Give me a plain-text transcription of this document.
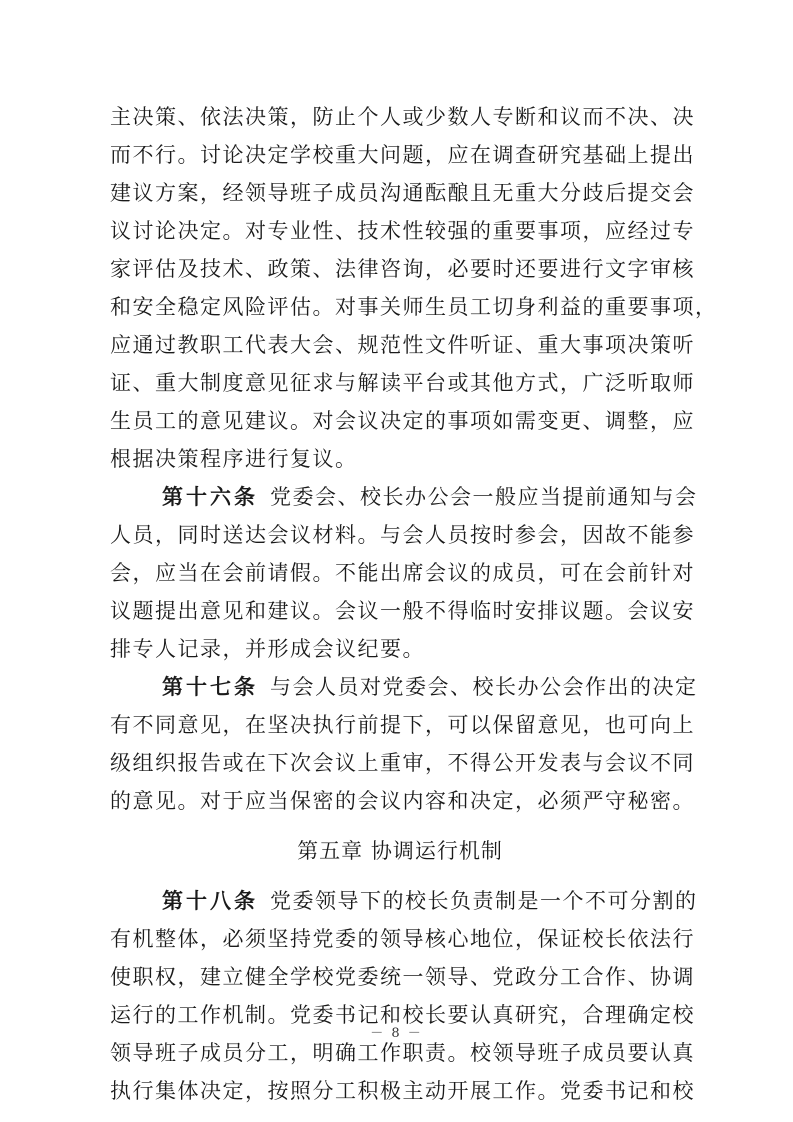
主决策、依法决策，防止个人或少数人专断和议而不决、决
而不行。讨论决定学校重大问题，应在调查研究基础上提出
建议方案，经领导班子成员沟通酝酿且无重大分歧后提交会
议讨论决定。对专业性、技术性较强的重要事项，应经过专
家评估及技术、政策、法律咨询，必要时还要进行文字审核
和安全稳定风险评估。对事关师生员工切身利益的重要事项，
应通过教职工代表大会、规范性文件听证、重大事项决策听
证、重大制度意见征求与解读平台或其他方式，广泛听取师
生员工的意见建议。对会议决定的事项如需变更、调整，应
根据决策程序进行复议。
第十六条 党委会、校长办公会一般应当提前通知与会
人员，同时送达会议材料。与会人员按时参会，因故不能参
会，应当在会前请假。不能出席会议的成员，可在会前针对
议题提出意见和建议。会议一般不得临时安排议题。会议安
排专人记录，并形成会议纪要。
第十七条 与会人员对党委会、校长办公会作出的决定
有不同意见，在坚决执行前提下，可以保留意见，也可向上
级组织报告或在下次会议上重审，不得公开发表与会议不同
的意见。对于应当保密的会议内容和决定，必须严守秘密。
第五章 协调运行机制
第十八条 党委领导下的校长负责制是一个不可分割的
有机整体，必须坚持党委的领导核心地位，保证校长依法行
使职权，建立健全学校党委统一领导、党政分工合作、协调
运行的工作机制。党委书记和校长要认真研究，合理确定校
领导班子成员分工，明确工作职责。校领导班子成员要认真
执行集体决定，按照分工积极主动开展工作。党委书记和校
－ 8 －
